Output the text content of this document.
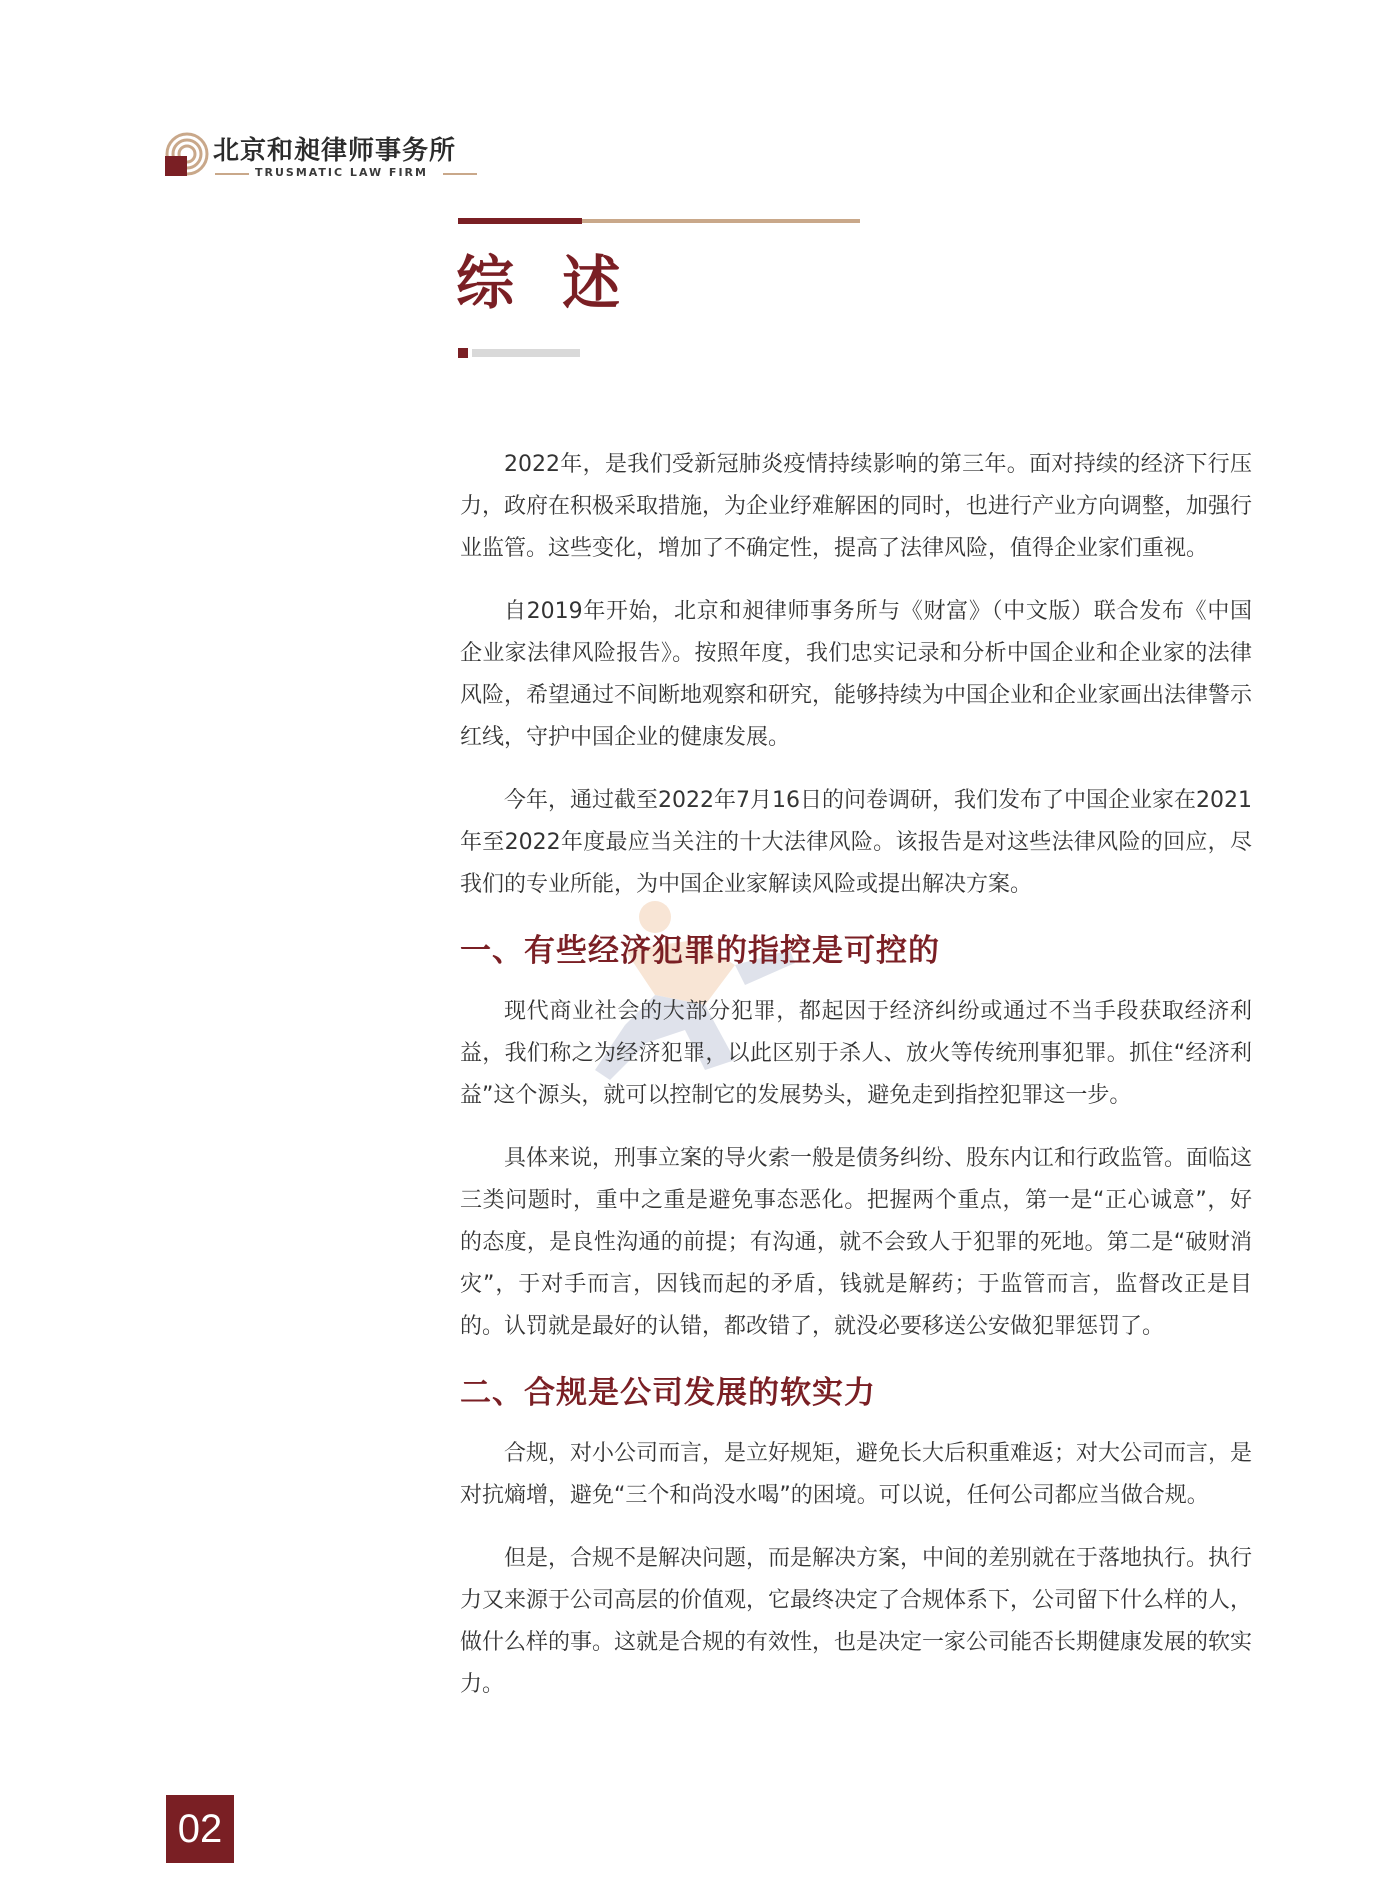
北京和昶律师事务所
TRUSMATIC LAW FIRM
综 述

2022年，是我们受新冠肺炎疫情持续影响的第三年。面对持续的经济下行压力，政府在积极采取措施，为企业纾难解困的同时，也进行产业方向调整，加强行业监管。这些变化，增加了不确定性，提高了法律风险，值得企业家们重视。

自2019年开始，北京和昶律师事务所与《财富》（中文版）联合发布《中国企业家法律风险报告》。按照年度，我们忠实记录和分析中国企业和企业家的法律风险，希望通过不间断地观察和研究，能够持续为中国企业和企业家画出法律警示红线，守护中国企业的健康发展。

今年，通过截至2022年7月16日的问卷调研，我们发布了中国企业家在2021年至2022年度最应当关注的十大法律风险。该报告是对这些法律风险的回应，尽我们的专业所能，为中国企业家解读风险或提出解决方案。

一、有些经济犯罪的指控是可控的

现代商业社会的大部分犯罪，都起因于经济纠纷或通过不当手段获取经济利益，我们称之为经济犯罪，以此区别于杀人、放火等传统刑事犯罪。抓住“经济利益”这个源头，就可以控制它的发展势头，避免走到指控犯罪这一步。

具体来说，刑事立案的导火索一般是债务纠纷、股东内讧和行政监管。面临这三类问题时，重中之重是避免事态恶化。把握两个重点，第一是“正心诚意”，好的态度，是良性沟通的前提；有沟通，就不会致人于犯罪的死地。第二是“破财消灾”，于对手而言，因钱而起的矛盾，钱就是解药；于监管而言，监督改正是目的。认罚就是最好的认错，都改错了，就没必要移送公安做犯罪惩罚了。

二、合规是公司发展的软实力

合规，对小公司而言，是立好规矩，避免长大后积重难返；对大公司而言，是对抗熵增，避免“三个和尚没水喝”的困境。可以说，任何公司都应当做合规。

但是，合规不是解决问题，而是解决方案，中间的差别就在于落地执行。执行力又来源于公司高层的价值观，它最终决定了合规体系下，公司留下什么样的人，做什么样的事。这就是合规的有效性，也是决定一家公司能否长期健康发展的软实力。

02
